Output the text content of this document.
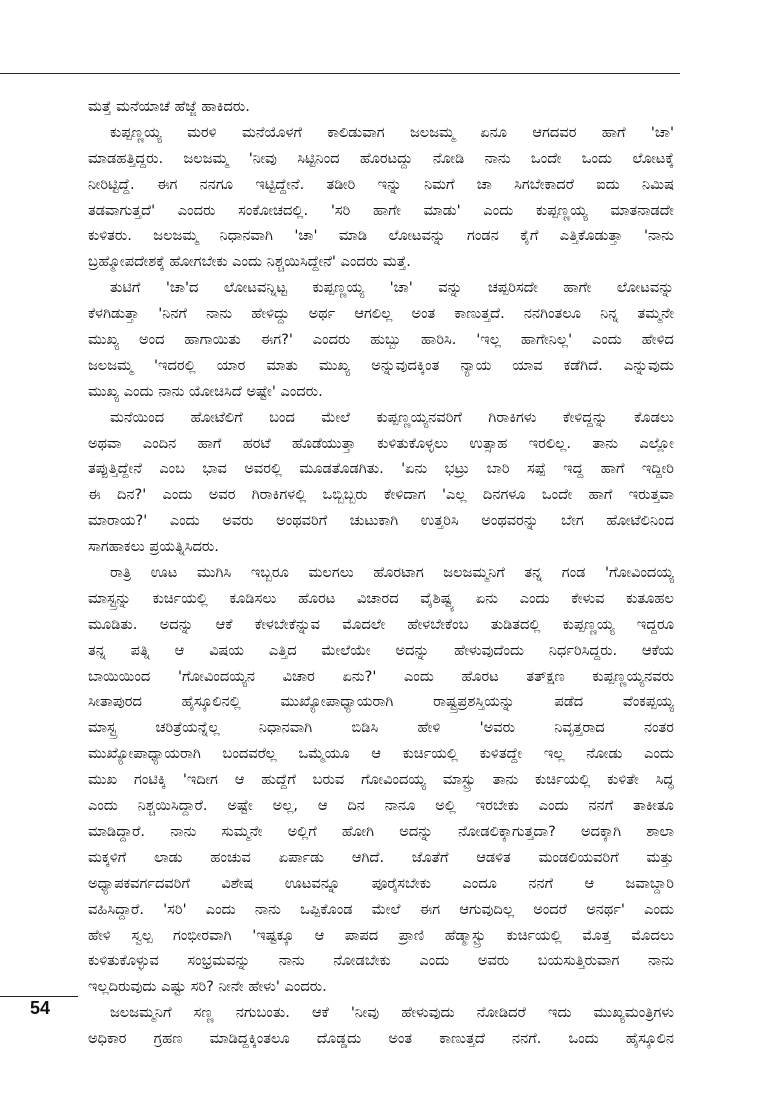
ಮತ್ತೆ ಮನೆಯಾಚೆ ಹೆಜ್ಜೆ ಹಾಕಿದರು.
ಕುಪ್ಪಣ್ಣಯ್ಯ ಮರಳಿ ಮನೆಯೊಳಗೆ ಕಾಲಿಡುವಾಗ ಜಲಜಮ್ಮ ಏನೂ ಆಗದವರ ಹಾಗೆ 'ಚಾ'
ಮಾಡಹತ್ತಿದ್ದರು. ಜಲಜಮ್ಮ 'ನೀವು ಸಿಟ್ಟಿನಿಂದ ಹೊರಟದ್ದು ನೋಡಿ ನಾನು ಒಂದೇ ಒಂದು ಲೋಟಕ್ಕೆ
ನೀರಿಟ್ಟಿದ್ದೆ. ಈಗ ನನಗೂ ಇಟ್ಟಿದ್ದೇನೆ. ತಡೀರಿ ಇನ್ನು ನಿಮಗೆ ಚಾ ಸಿಗಬೇಕಾದರೆ ಐದು ನಿಮಿಷ
ತಡವಾಗುತ್ತದೆ' ಎಂದರು ಸಂಕೋಚದಲ್ಲಿ. 'ಸರಿ ಹಾಗೇ ಮಾಡು' ಎಂದು ಕುಪ್ಪಣ್ಣಯ್ಯ ಮಾತನಾಡದೇ
ಕುಳಿತರು. ಜಲಜಮ್ಮ ನಿಧಾನವಾಗಿ 'ಚಾ' ಮಾಡಿ ಲೋಟವನ್ನು ಗಂಡನ ಕೈಗೆ ಎತ್ತಿಕೊಡುತ್ತಾ 'ನಾನು
ಬ್ರಹ್ಮೋಪದೇಶಕ್ಕೆ ಹೋಗಬೇಕು ಎಂದು ನಿಶ್ಚಯಿಸಿದ್ದೇನೆ' ಎಂದರು ಮತ್ತೆ.
ತುಟಿಗೆ 'ಚಾ'ದ ಲೋಟವನ್ನಿಟ್ಟ ಕುಪ್ಪಣ್ಣಯ್ಯ 'ಚಾ' ವನ್ನು ಚಪ್ಪರಿಸದೇ ಹಾಗೇ ಲೋಟವನ್ನು
ಕೆಳಗಿಡುತ್ತಾ 'ನಿನಗೆ ನಾನು ಹೇಳಿದ್ದು ಅರ್ಥ ಆಗಲಿಲ್ಲ ಅಂತ ಕಾಣುತ್ತದೆ. ನನಗಿಂತಲೂ ನಿನ್ನ ತಮ್ಮನೇ
ಮುಖ್ಯ ಅಂದ ಹಾಗಾಯಿತು ಈಗ?' ಎಂದರು ಹುಬ್ಬು ಹಾರಿಸಿ. 'ಇಲ್ಲ ಹಾಗೇನಿಲ್ಲ' ಎಂದು ಹೇಳಿದ
ಜಲಜಮ್ಮ 'ಇದರಲ್ಲಿ ಯಾರ ಮಾತು ಮುಖ್ಯ ಅನ್ನುವುದಕ್ಕಿಂತ ನ್ಯಾಯ ಯಾವ ಕಡೆಗಿದೆ. ಎನ್ನುವುದು
ಮುಖ್ಯ ಎಂದು ನಾನು ಯೋಚಿಸಿದೆ ಅಷ್ಟೇ' ಎಂದರು.
ಮನೆಯಿಂದ ಹೋಟೆಲಿಗೆ ಬಂದ ಮೇಲೆ ಕುಪ್ಪಣ್ಣಯ್ಯನವರಿಗೆ ಗಿರಾಕಿಗಳು ಕೇಳಿದ್ದನ್ನು ಕೊಡಲು
ಅಥವಾ ಎಂದಿನ ಹಾಗೆ ಹರಟೆ ಹೊಡೆಯುತ್ತಾ ಕುಳಿತುಕೊಳ್ಳಲು ಉತ್ಸಾಹ ಇರಲಿಲ್ಲ. ತಾನು ಎಲ್ಲೋ
ತಪ್ಪುತ್ತಿದ್ದೇನೆ ಎಂಬ ಭಾವ ಅವರಲ್ಲಿ ಮೂಡತೊಡಗಿತು. 'ಏನು ಭಟ್ರು ಬಾರಿ ಸಪ್ಪೆ ಇದ್ದ ಹಾಗೆ ಇದ್ದೀರಿ
ಈ ದಿನ?' ಎಂದು ಅವರ ಗಿರಾಕಿಗಳಲ್ಲಿ ಒಬ್ಬಿಬ್ಬರು ಕೇಳಿದಾಗ 'ಎಲ್ಲ ದಿನಗಳೂ ಒಂದೇ ಹಾಗೆ ಇರುತ್ತವಾ
ಮಾರಾಯ?' ಎಂದು ಅವರು ಅಂಥವರಿಗೆ ಚುಟುಕಾಗಿ ಉತ್ತರಿಸಿ ಅಂಥವರನ್ನು ಬೇಗ ಹೋಟೆಲಿನಿಂದ
ಸಾಗಹಾಕಲು ಪ್ರಯತ್ನಿಸಿದರು.
ರಾತ್ರಿ ಊಟ ಮುಗಿಸಿ ಇಬ್ಬರೂ ಮಲಗಲು ಹೊರಟಾಗ ಜಲಜಮ್ಮನಿಗೆ ತನ್ನ ಗಂಡ 'ಗೋವಿಂದಯ್ಯ
ಮಾಸ್ಟ್ರನ್ನು ಕುರ್ಚಿಯಲ್ಲಿ ಕೂಡಿಸಲು ಹೊರಟ ವಿಚಾರದ ವೈಶಿಷ್ಟ್ಯ ಏನು ಎಂದು ಕೇಳುವ ಕುತೂಹಲ
ಮೂಡಿತು. ಅದನ್ನು ಆಕೆ ಕೇಳಬೇಕೆನ್ನುವ ಮೊದಲೇ ಹೇಳಬೇಕೆಂಬ ತುಡಿತದಲ್ಲಿ ಕುಪ್ಪಣ್ಣಯ್ಯ ಇದ್ದರೂ
ತನ್ನ ಪತ್ನಿ ಆ ವಿಷಯ ಎತ್ತಿದ ಮೇಲೆಯೇ ಅದನ್ನು ಹೇಳುವುದೆಂದು ನಿರ್ಧರಿಸಿದ್ದರು. ಆಕೆಯ
ಬಾಯಿಯಿಂದ 'ಗೋವಿಂದಯ್ಯನ ವಿಚಾರ ಏನು?' ಎಂದು ಹೊರಟ ತತ್‌ಕ್ಷಣ ಕುಪ್ಪಣ್ಣಯ್ಯನವರು
ಸೀತಾಪುರದ ಹೈಸ್ಕೂಲಿನಲ್ಲಿ ಮುಖ್ಯೋಪಾಧ್ಯಾಯರಾಗಿ ರಾಷ್ಟ್ರಪ್ರಶಸ್ತಿಯನ್ನು ಪಡೆದ ವೆಂಕಪ್ಪಯ್ಯ
ಮಾಸ್ಟ್ರ ಚರಿತ್ರೆಯನ್ನೆಲ್ಲ ನಿಧಾನವಾಗಿ ಬಿಡಿಸಿ ಹೇಳಿ 'ಅವರು ನಿವೃತ್ತರಾದ ನಂತರ
ಮುಖ್ಯೋಪಾಧ್ಯಾಯರಾಗಿ ಬಂದವರೆಲ್ಲ ಒಮ್ಮೆಯೂ ಆ ಕುರ್ಚಿಯಲ್ಲಿ ಕುಳಿತದ್ದೇ ಇಲ್ಲ ನೋಡು ಎಂದು
ಮುಖ ಗಂಟಿಕ್ಕಿ 'ಇದೀಗ ಆ ಹುದ್ದೆಗೆ ಬರುವ ಗೋವಿಂದಯ್ಯ ಮಾಸ್ಟ್ರು ತಾನು ಕುರ್ಚಿಯಲ್ಲಿ ಕುಳಿತೇ ಸಿದ್ಧ
ಎಂದು ನಿಶ್ಚಯಿಸಿದ್ದಾರೆ. ಅಷ್ಟೇ ಅಲ್ಲ, ಆ ದಿನ ನಾನೂ ಅಲ್ಲಿ ಇರಬೇಕು ಎಂದು ನನಗೆ ತಾಕೀತೂ
ಮಾಡಿದ್ದಾರೆ. ನಾನು ಸುಮ್ಮನೇ ಅಲ್ಲಿಗೆ ಹೋಗಿ ಅದನ್ನು ನೋಡಲಿಕ್ಕಾಗುತ್ತದಾ? ಅದಕ್ಕಾಗಿ ಶಾಲಾ
ಮಕ್ಕಳಿಗೆ ಲಾಡು ಹಂಚುವ ಏರ್ಪಾಡು ಆಗಿದೆ. ಜೊತೆಗೆ ಆಡಳಿತ ಮಂಡಲಿಯವರಿಗೆ ಮತ್ತು
ಅಧ್ಯಾಪಕವರ್ಗದವರಿಗೆ ವಿಶೇಷ ಊಟವನ್ನೂ ಪೂರೈಸಬೇಕು ಎಂದೂ ನನಗೆ ಆ ಜವಾಬ್ದಾರಿ
ವಹಿಸಿದ್ದಾರೆ. 'ಸರಿ' ಎಂದು ನಾನು ಒಪ್ಪಿಕೊಂಡ ಮೇಲೆ ಈಗ ಆಗುವುದಿಲ್ಲ ಅಂದರೆ ಅನರ್ಥ' ಎಂದು
ಹೇಳಿ ಸ್ವಲ್ಪ ಗಂಭೀರವಾಗಿ 'ಇಷ್ಟಕ್ಕೂ ಆ ಪಾಪದ ಪ್ರಾಣಿ ಹೆಡ್ಮಾಸ್ಟ್ರು ಕುರ್ಚಿಯಲ್ಲಿ ಮೊತ್ತ ಮೊದಲು
ಕುಳಿತುಕೊಳ್ಳುವ ಸಂಭ್ರಮವನ್ನು ನಾನು ನೋಡಬೇಕು ಎಂದು ಅವರು ಬಯಸುತ್ತಿರುವಾಗ ನಾನು
ಇಲ್ಲದಿರುವುದು ಎಷ್ಟು ಸರಿ? ನೀನೇ ಹೇಳು' ಎಂದರು.
ಜಲಜಮ್ಮನಿಗೆ ಸಣ್ಣ ನಗುಬಂತು. ಆಕೆ 'ನೀವು ಹೇಳುವುದು ನೋಡಿದರೆ ಇದು ಮುಖ್ಯಮಂತ್ರಿಗಳು
ಅಧಿಕಾರ ಗ್ರಹಣ ಮಾಡಿದ್ದಕ್ಕಿಂತಲೂ ದೊಡ್ಡದು ಅಂತ ಕಾಣುತ್ತದೆ ನನಗೆ. ಒಂದು ಹೈಸ್ಕೂಲಿನ
54
